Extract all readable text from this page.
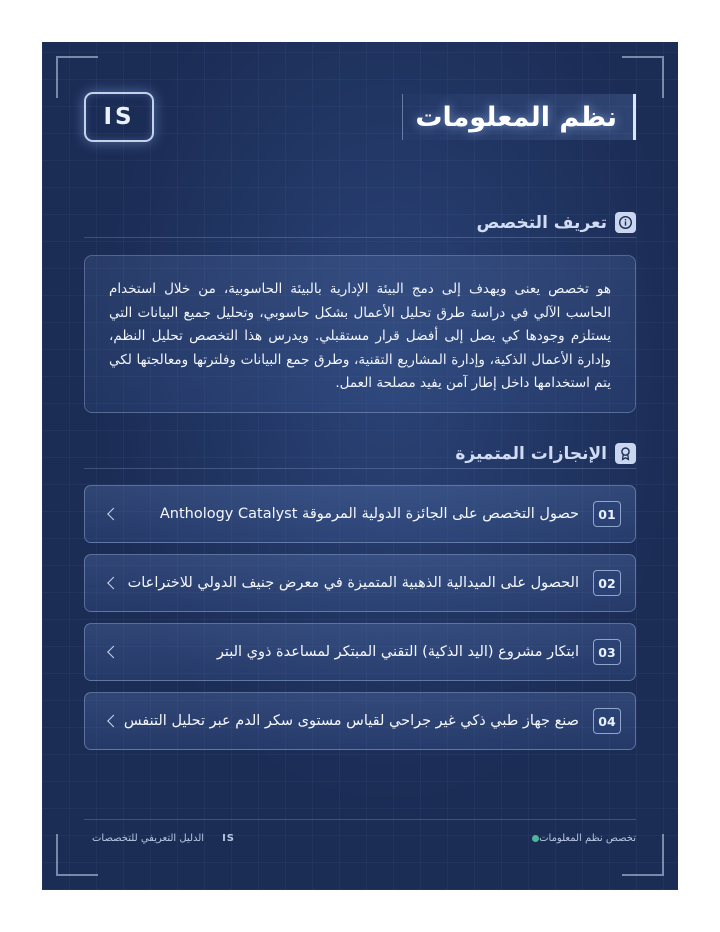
IS	نظم المعلومات
تعريف التخصص

هو تخصص يعنى ويهدف إلى دمج البيئة الإدارية بالبيئة الحاسوبية، من خلال استخدام الحاسب الآلي في دراسة طرق تحليل الأعمال بشكل حاسوبي، وتحليل جميع البيانات التي يستلزم وجودها كي يصل إلى أفضل قرار مستقبلي. ويدرس هذا التخصص تحليل النظم، وإدارة الأعمال الذكية، وإدارة المشاريع التقنية، وطرق جمع البيانات وفلترتها ومعالجتها لكي يتم استخدامها داخل إطار آمن يفيد مصلحة العمل.

الإنجازات المتميزة
01
حصول التخصص على الجائزة الدولية المرموقة Anthology Catalyst
02
الحصول على الميدالية الذهبية المتميزة في معرض جنيف الدولي للاختراعات
03
ابتكار مشروع (اليد الذكية) التقني المبتكر لمساعدة ذوي البتر
04
صنع جهاز طبي ذكي غير جراحي لقياس مستوى سكر الدم عبر تحليل التنفس
تخصص نظم المعلومات
IS
الدليل التعريفي للتخصصات
